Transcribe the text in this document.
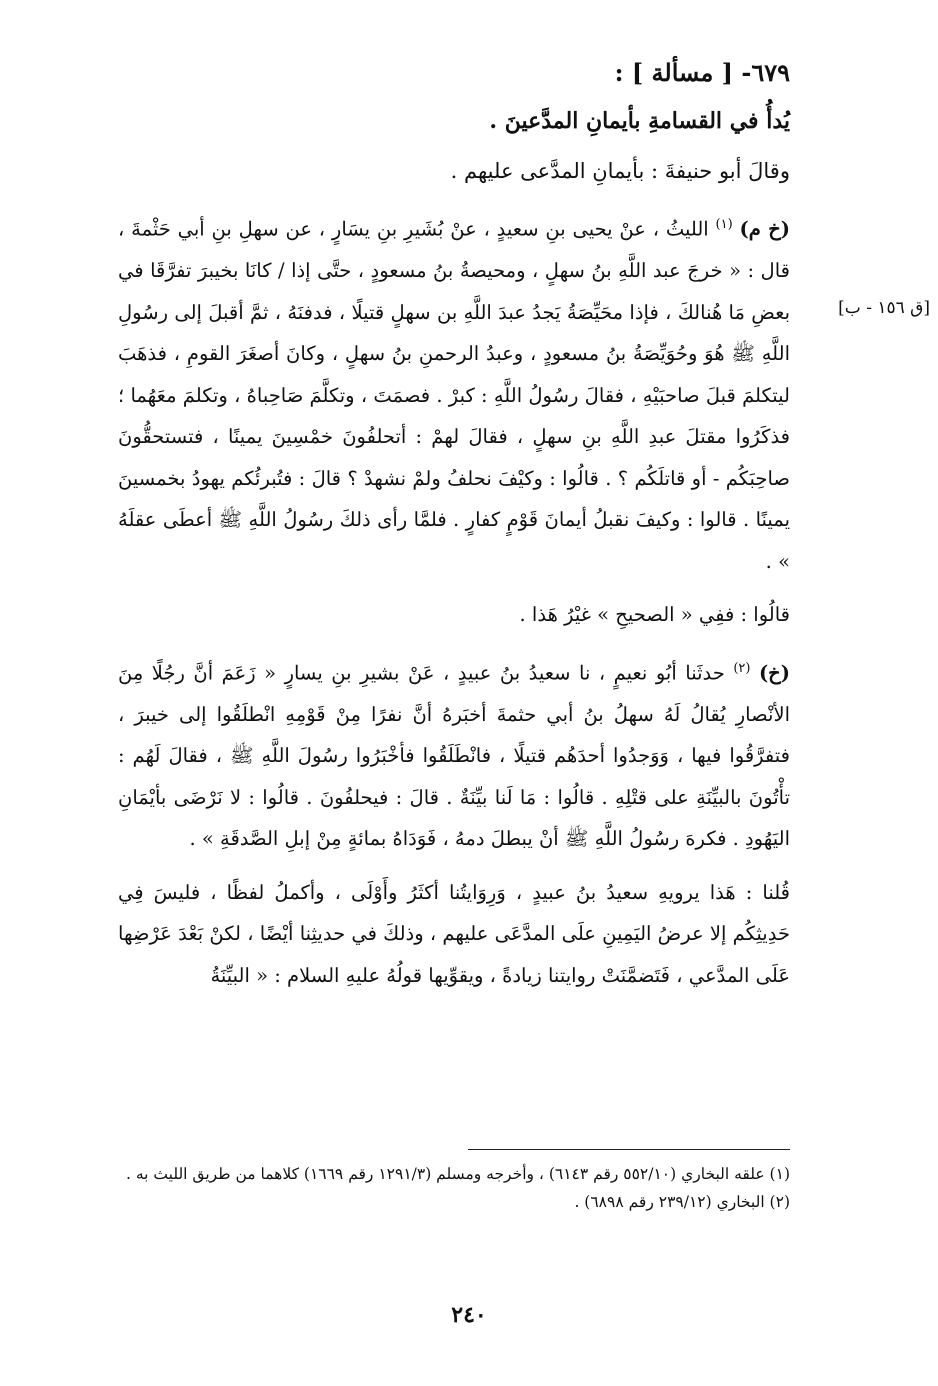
[ق ١٥٦ - ب]
٦٧٩- [ مسألة ] :

يُدأُ في القسامةِ بأيمانِ المدَّعينَ .

وقالَ أبو حنيفةَ : بأيمانِ المدَّعى عليهم .

(خ م) $^{(١)}$ الليثُ ، عنْ يحيى بنِ سعيدٍ ، عنْ بُشَيرِ بنِ يسَارٍ ، عن سهلِ بنِ أبي حَثْمةَ ، قال : « خرجَ عبد اللَّهِ بنُ سهلٍ ، ومحيصةُ بنُ مسعودٍ ، حتَّى إذا / كانَا بخيبرَ تفرَّقَا في بعضِ مَا هُنالكَ ، فإذا محَيِّصَةُ يَجدُ عبدَ اللَّهِ بن سهلٍ قتيلًا ، فدفنَهُ ، ثمَّ أقبلَ إلى رسُولِ اللَّهِ ﷺ هُوَ وحُوَيِّصَةُ بنُ مسعودٍ ، وعبدُ الرحمنِ بنُ سهلٍ ، وكانَ أصغَرَ القومِ ، فذهَبَ ليتكلمَ قبلَ صاحبَيْهِ ، فقالَ رسُولُ اللَّهِ : كبرْ . فصمَتَ ، وتكلَّمَ صَاحِباهُ ، وتكلمَ معَهُما ؛ فذكَرُوا مقتلَ عبدِ اللَّهِ بنِ سهلٍ ، فقالَ لهمْ : أتحلفُونَ خمْسِينَ يمينًا ، فتستحقُّونَ صاحِبَكُم - أو قاتلَكُم ؟ . قالُوا : وكيْفَ نحلفُ ولمْ نشهدْ ؟ قالَ : فتُبرئُكم يهودُ بخمسينَ يمينًا . قالوا : وكيفَ نقبلُ أيمانَ قَوْمٍ كفارٍ . فلمَّا رأى ذلكَ رسُولُ اللَّهِ ﷺ أعطَى عقلَهُ » .

قالُوا : ففِي « الصحيحِ » غيْرُ هَذا .

(خ) $^{(٢)}$ حدثَنا أبُو نعيمٍ ، نا سعيدُ بنُ عبيدٍ ، عَنْ بشيرِ بنِ يسارٍ « زَعَمَ أنَّ رجُلًا مِنَ الأنْصارِ يُقالُ لَهُ سهلُ بنُ أبي حثمةَ أخبَرهُ أنَّ نفرًا مِنْ قَوْمِهِ انْطلَقُوا إلى خيبرَ ، فتفرَّقُوا فيها ، وَوَجدُوا أحدَهُم قتيلًا ، فانْطَلَقُوا فأخْبَرُوا رسُولَ اللَّهِ ﷺ ، فقالَ لَهُم : تأْتُونَ بالبيِّنَةِ على قتْلِهِ . قالُوا : مَا لَنا بيِّنَةٌ . قالَ : فيحلفُونَ . قالُوا : لا نَرْضَى بأيْمَانِ اليَهُودِ . فكرهَ رسُولُ اللَّهِ ﷺ أنْ يبطلَ دمهُ ، فَوَدَاهُ بمائةٍ مِنْ إبلِ الصَّدقَةِ » .

قُلنا : هَذا يرويهِ سعيدُ بنُ عبيدٍ ، وَرِوَايتُنا أكثَرُ وأَوْلَى ، وأكملُ لفظًا ، فليسَ فِي حَدِيثِكُم إلا عرضُ اليَمِينِ علَى المدَّعَى عليهم ، وذلكَ في حديثِنا أيْضًا ، لكنْ بَعْدَ عَرْضِها عَلَى المدَّعي ، فَتَضمَّنَتْ روايتنا زيادةً ، ويقوِّيها قولُهُ عليهِ السلام : « البيِّنَةُ

(١) علقه البخاري (٥٥٢/١٠ رقم ٦١٤٣) ، وأخرجه ومسلم (١٢٩١/٣ رقم ١٦٦٩) كلاهما من طريق الليث به .

(٢) البخاري (٢٣٩/١٢ رقم ٦٨٩٨) .

٢٤٠
